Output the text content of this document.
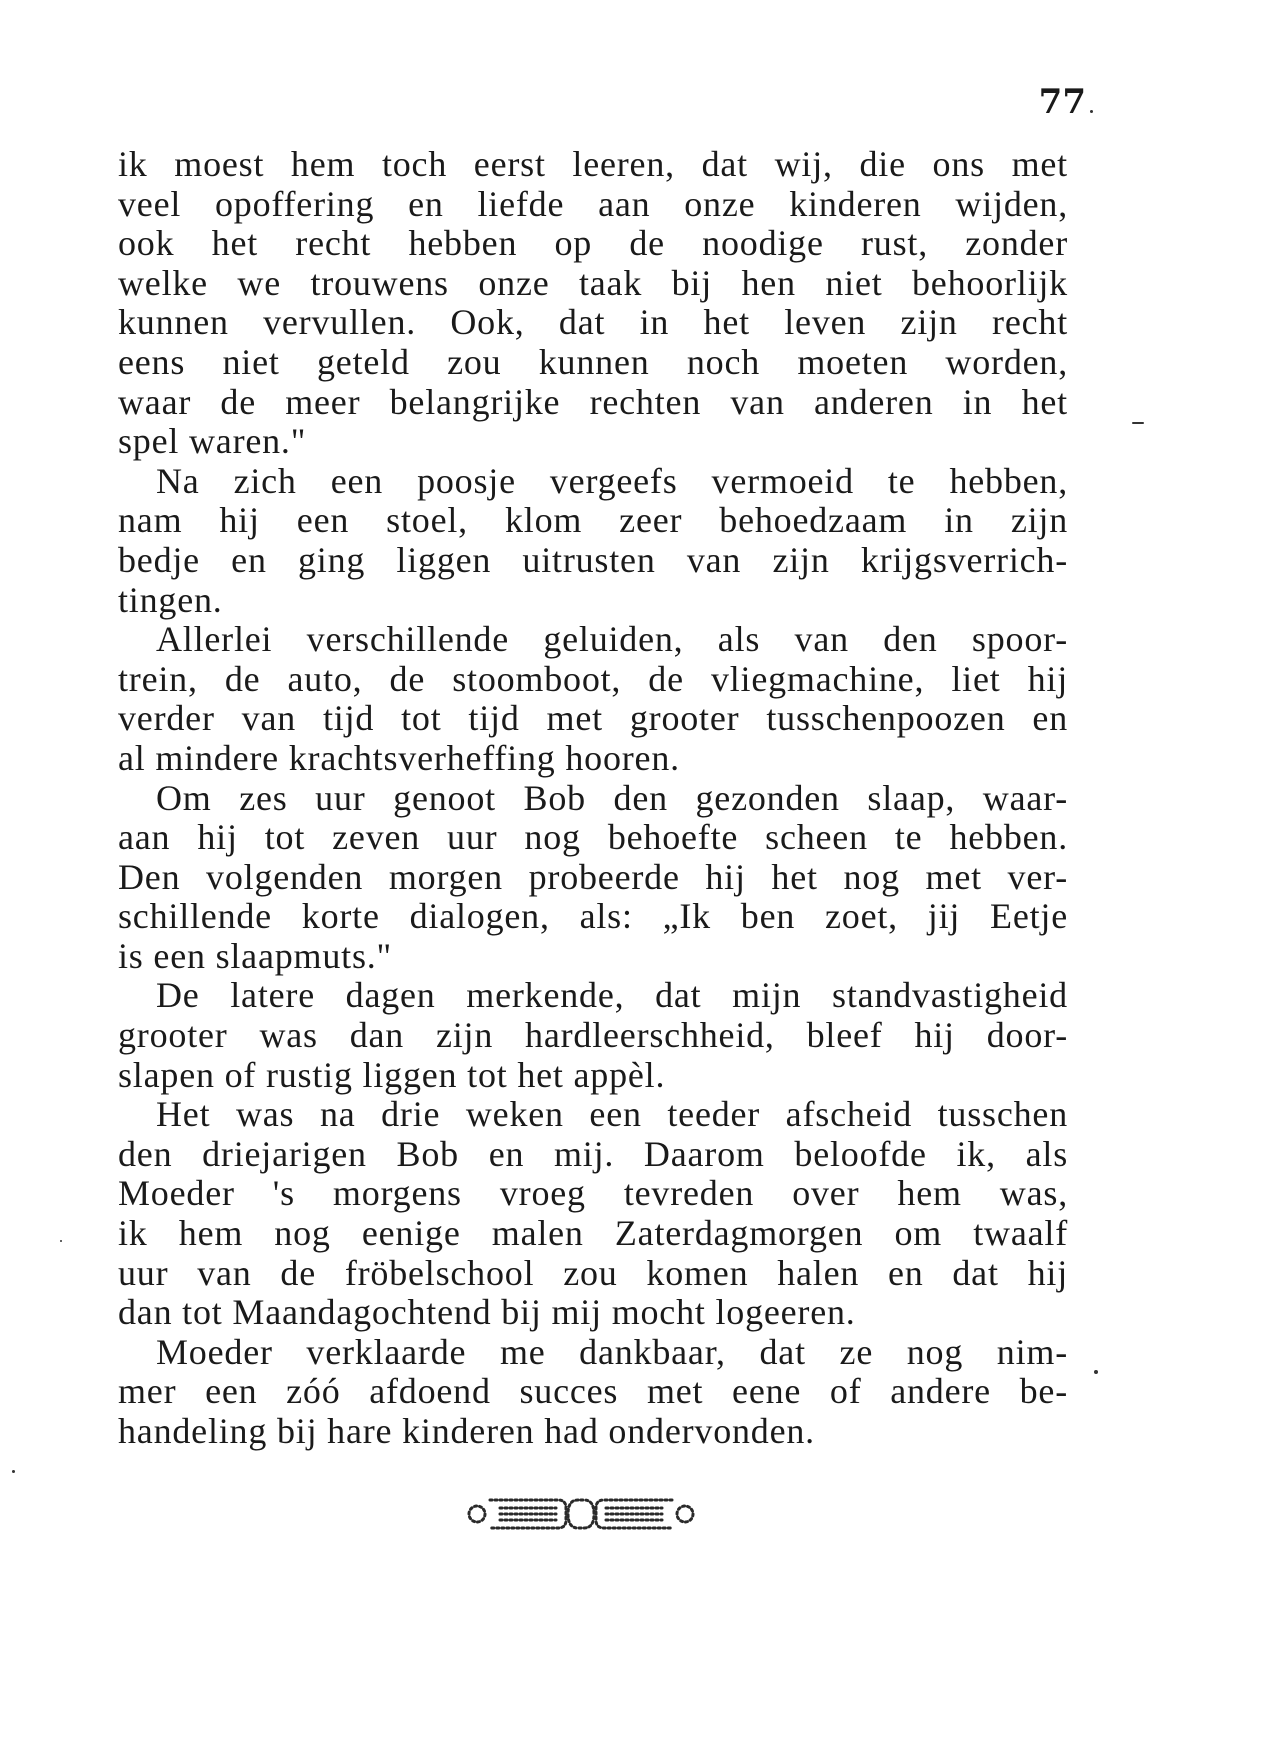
77
ik moest hem toch eerst leeren, dat wij, die ons met
veel opoffering en liefde aan onze kinderen wijden,
ook het recht hebben op de noodige rust, zonder
welke we trouwens onze taak bij hen niet behoorlijk
kunnen vervullen. Ook, dat in het leven zijn recht
eens niet geteld zou kunnen noch moeten worden,
waar de meer belangrijke rechten van anderen in het
spel waren."
Na zich een poosje vergeefs vermoeid te hebben,
nam hij een stoel, klom zeer behoedzaam in zijn
bedje en ging liggen uitrusten van zijn krijgsverrich-
tingen.
Allerlei verschillende geluiden, als van den spoor-
trein, de auto, de stoomboot, de vliegmachine, liet hij
verder van tijd tot tijd met grooter tusschenpoozen en
al mindere krachtsverheffing hooren.
Om zes uur genoot Bob den gezonden slaap, waar-
aan hij tot zeven uur nog behoefte scheen te hebben.
Den volgenden morgen probeerde hij het nog met ver-
schillende korte dialogen, als: „Ik ben zoet, jij Eetje
is een slaapmuts."
De latere dagen merkende, dat mijn standvastigheid
grooter was dan zijn hardleerschheid, bleef hij door-
slapen of rustig liggen tot het appèl.
Het was na drie weken een teeder afscheid tusschen
den driejarigen Bob en mij. Daarom beloofde ik, als
Moeder 's morgens vroeg tevreden over hem was,
ik hem nog eenige malen Zaterdagmorgen om twaalf
uur van de fröbelschool zou komen halen en dat hij
dan tot Maandagochtend bij mij mocht logeeren.
Moeder verklaarde me dankbaar, dat ze nog nim-
mer een zóó afdoend succes met eene of andere be-
handeling bij hare kinderen had ondervonden.
